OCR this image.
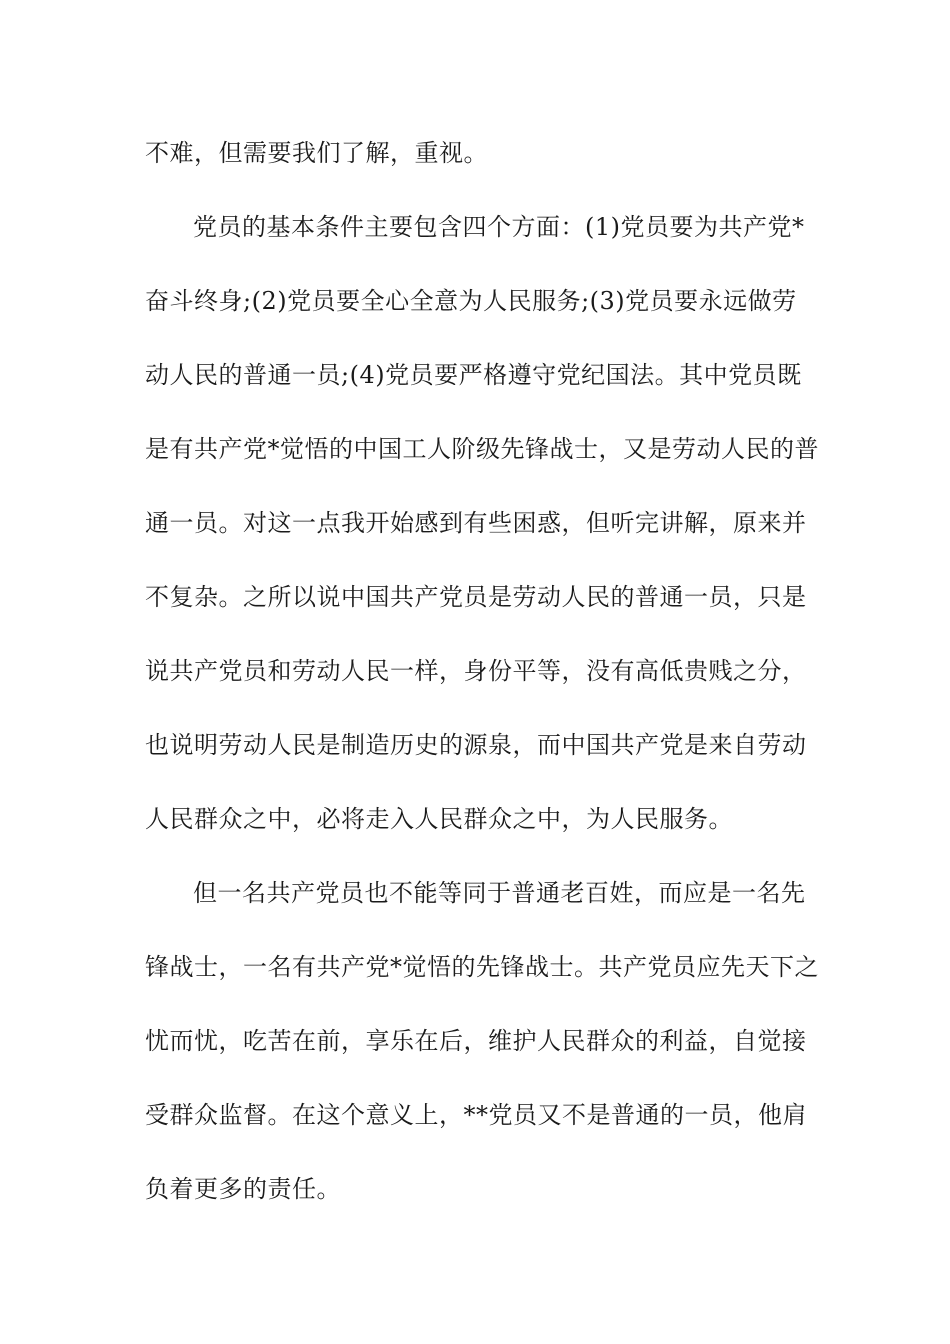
不难，但需要我们了解，重视。
党员的基本条件主要包含四个方面：(1)党员要为共产党*
奋斗终身;(2)党员要全心全意为人民服务;(3)党员要永远做劳
动人民的普通一员;(4)党员要严格遵守党纪国法。其中党员既
是有共产党*觉悟的中国工人阶级先锋战士，又是劳动人民的普
通一员。对这一点我开始感到有些困惑，但听完讲解，原来并
不复杂。之所以说中国共产党员是劳动人民的普通一员，只是
说共产党员和劳动人民一样，身份平等，没有高低贵贱之分，
也说明劳动人民是制造历史的源泉，而中国共产党是来自劳动
人民群众之中，必将走入人民群众之中，为人民服务。
但一名共产党员也不能等同于普通老百姓，而应是一名先
锋战士，一名有共产党*觉悟的先锋战士。共产党员应先天下之
忧而忧，吃苦在前，享乐在后，维护人民群众的利益，自觉接
受群众监督。在这个意义上，**党员又不是普通的一员，他肩
负着更多的责任。
